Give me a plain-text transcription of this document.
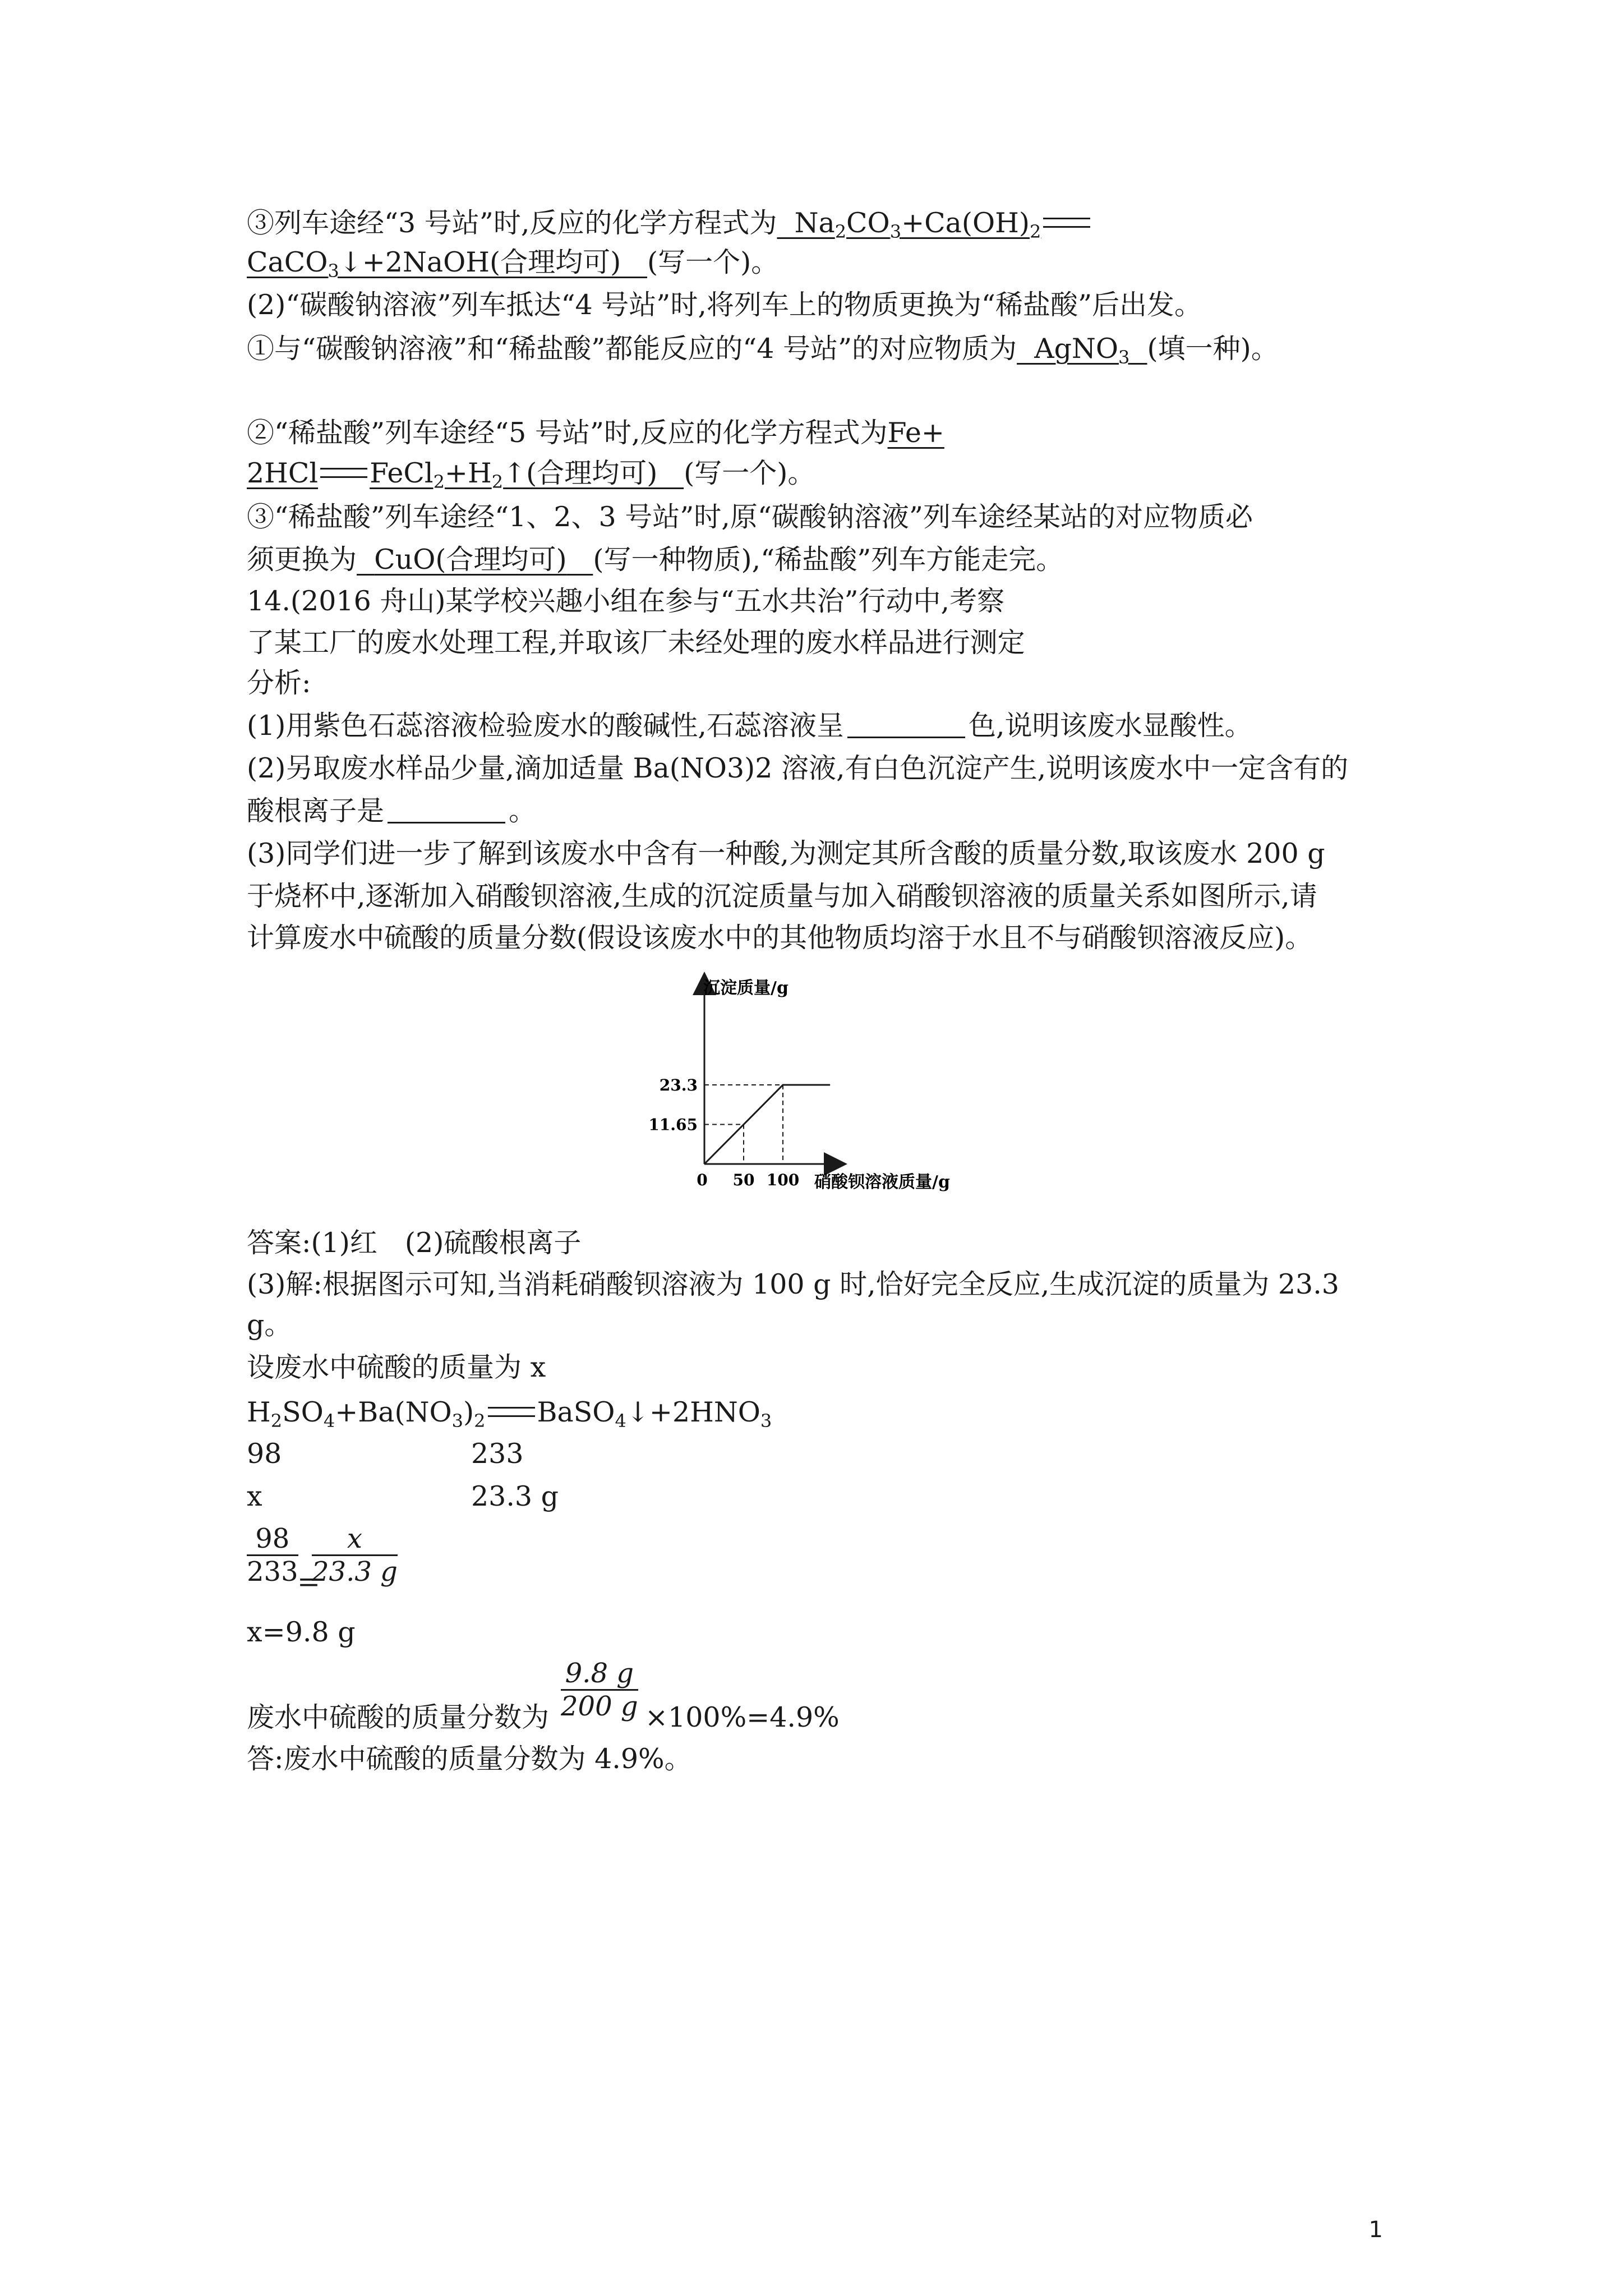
③列车途经“3 号站”时,反应的化学方程式为  $Na_2CO_3+Ca(OH)_2$
CaCO$_3$↓+2NaOH(合理均可)   (写一个)。
(2)“碳酸钠溶液”列车抵达“4 号站”时,将列车上的物质更换为“稀盐酸”后出发。
①与“碳酸钠溶液”和“稀盐酸”都能反应的“4 号站”的对应物质为  AgNO$_3$ (填一种)。
②“稀盐酸”列车途经“5 号站”时,反应的化学方程式为Fe+
2HCl $FeCl_2+H_2↑$(合理均可)   (写一个)。
③“稀盐酸”列车途经“1、2、3 号站”时,原“碳酸钠溶液”列车途经某站的对应物质必
须更换为 CuO(合理均可) (写一种物质),“稀盐酸”列车方能走完。
14.(2016 舟山)某学校兴趣小组在参与“五水共治”行动中,考察
了某工厂的废水处理工程,并取该厂未经处理的废水样品进行测定
分析:
(1)用紫色石蕊溶液检验废水的酸碱性,石蕊溶液呈	色,说明该废水显酸性。
(2)另取废水样品少量,滴加适量 Ba(NO3)2 溶液,有白色沉淀产生,说明该废水中一定含有的
酸根离子是	。
(3)同学们进一步了解到该废水中含有一种酸,为测定其所含酸的质量分数,取该废水 200 g
于烧杯中,逐渐加入硝酸钡溶液,生成的沉淀质量与加入硝酸钡溶液的质量关系如图所示,请
计算废水中硫酸的质量分数(假设该废水中的其他物质均溶于水且不与硝酸钡溶液反应)。
沉淀质量/g
11.65
23.3
0 50 100 硝酸钡溶液质量/g
答案:(1)红　(2)硫酸根离子
(3)解:根据图示可知,当消耗硝酸钡溶液为 100 g 时,恰好完全反应,生成沉淀的质量为 23.3
g。
设废水中硫酸的质量为 x
$H_2SO_4+Ba(NO_3)_2$ $BaSO_4↓+2HNO_3$
98	233
x	23.3 g
$\frac{98}{233}$
=
$\frac{x}{23.3 g}$
x=9.8 g
废水中硫酸的质量分数为 $\frac{9.8 g}{200 g} \times 100\%=4.9\%$
答:废水中硫酸的质量分数为 4.9%。
1
